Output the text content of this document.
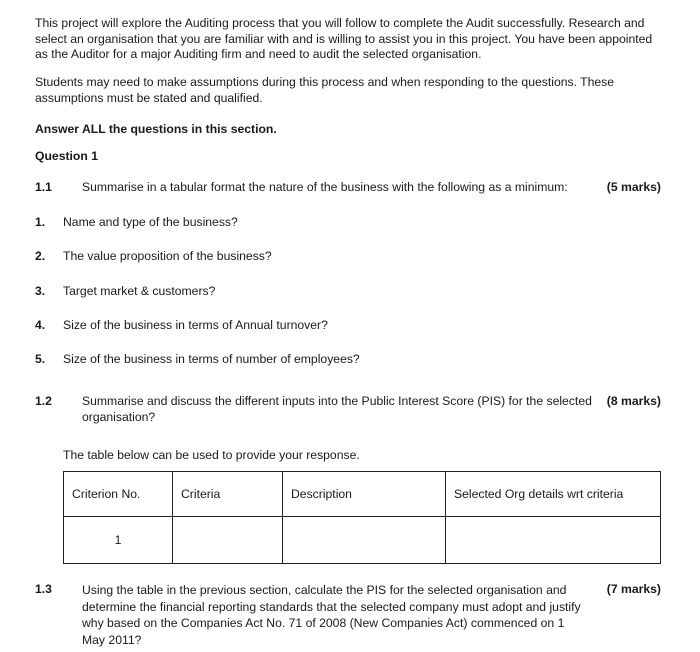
This project will explore the Auditing process that you will follow to complete the Audit successfully. Research and select an organisation that you are familiar with and is willing to assist you in this project. You have been appointed as the Auditor for a major Auditing firm and need to audit the selected organisation.
Students may need to make assumptions during this process and when responding to the questions. These assumptions must be stated and qualified.
Answer ALL the questions in this section.
Question 1
1.1 Summarise in a tabular format the nature of the business with the following as a minimum:	(5 marks)
1. Name and type of the business?
2. The value proposition of the business?
3. Target market & customers?
4. Size of the business in terms of Annual turnover?
5. Size of the business in terms of number of employees?
1.2 Summarise and discuss the different inputs into the Public Interest Score (PIS) for the selected organisation?
(8 marks)
The table below can be used to provide your response.
Criterion No.	Criteria	Description	Selected Org details wrt criteria
1			
1.3 Using the table in the previous section, calculate the PIS for the selected organisation and determine the financial reporting standards that the selected company must adopt and justify why based on the Companies Act No. 71 of 2008 (New Companies Act) commenced on 1 May 2011?
(7 marks)
